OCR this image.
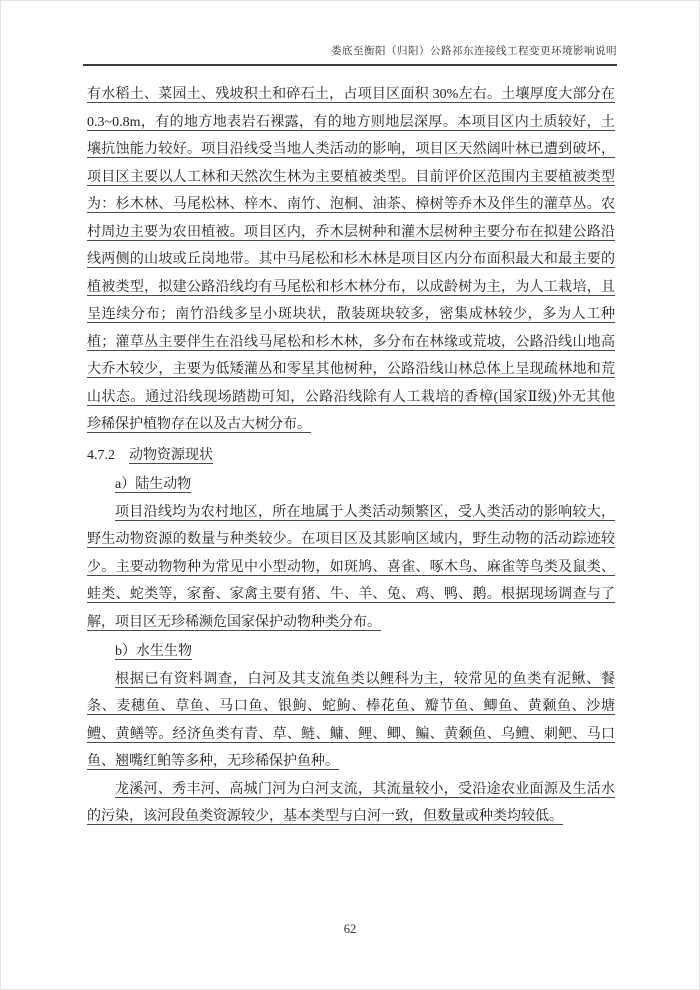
娄底至衡阳（归阳）公路祁东连接线工程变更环境影响说明
有水稻土、菜园土、残坡积土和碎石土，占项目区面积 30%左右。土壤厚度大部分在
0.3~0.8m，有的地方地表岩石裸露，有的地方则地层深厚。本项目区内土质较好，土
壤抗蚀能力较好。项目沿线受当地人类活动的影响，项目区天然阔叶林已遭到破坏，
项目区主要以人工林和天然次生林为主要植被类型。目前评价区范围内主要植被类型
为：杉木林、马尾松林、梓木、南竹、泡桐、油茶、樟树等乔木及伴生的灌草丛。农
村周边主要为农田植被。项目区内，乔木层树种和灌木层树种主要分布在拟建公路沿
线两侧的山坡或丘岗地带。其中马尾松和杉木林是项目区内分布面积最大和最主要的
植被类型，拟建公路沿线均有马尾松和杉木林分布，以成龄树为主，为人工栽培，且
呈连续分布；南竹沿线多呈小斑块状，散装斑块较多，密集成林较少，多为人工种
植；灌草丛主要伴生在沿线马尾松和杉木林，多分布在林缘或荒坡，公路沿线山地高
大乔木较少，主要为低矮灌丛和零星其他树种，公路沿线山林总体上呈现疏林地和荒
山状态。通过沿线现场踏勘可知，公路沿线除有人工栽培的香樟(国家Ⅱ级)外无其他
珍稀保护植物存在以及古大树分布。
4.7.2 动物资源现状
a）陆生动物
项目沿线均为农村地区，所在地属于人类活动频繁区，受人类活动的影响较大，
野生动物资源的数量与种类较少。在项目区及其影响区域内，野生动物的活动踪迹较
少。主要动物物种为常见中小型动物，如斑鸠、喜雀、啄木鸟、麻雀等鸟类及鼠类、
蛙类、蛇类等，家畜、家禽主要有猪、牛、羊、兔、鸡、鸭、鹅。根据现场调查与了
解，项目区无珍稀濒危国家保护动物种类分布。
b）水生生物
根据已有资料调查，白河及其支流鱼类以鲤科为主，较常见的鱼类有泥鳅、餐
条、麦穗鱼、草鱼、马口鱼、银鮈、蛇鮈、棒花鱼、瓣节鱼、鲫鱼、黄颡鱼、沙塘
鳢、黄鳝等。经济鱼类有青、草、鲢、鳙、鲤、鲫、鳊、黄颡鱼、乌鳢、刺鲃、马口
鱼、翘嘴红鲌等多种，无珍稀保护鱼种。
龙溪河、秀丰河、高城门河为白河支流，其流量较小，受沿途农业面源及生活水
的污染，该河段鱼类资源较少，基本类型与白河一致，但数量或种类均较低。
62
